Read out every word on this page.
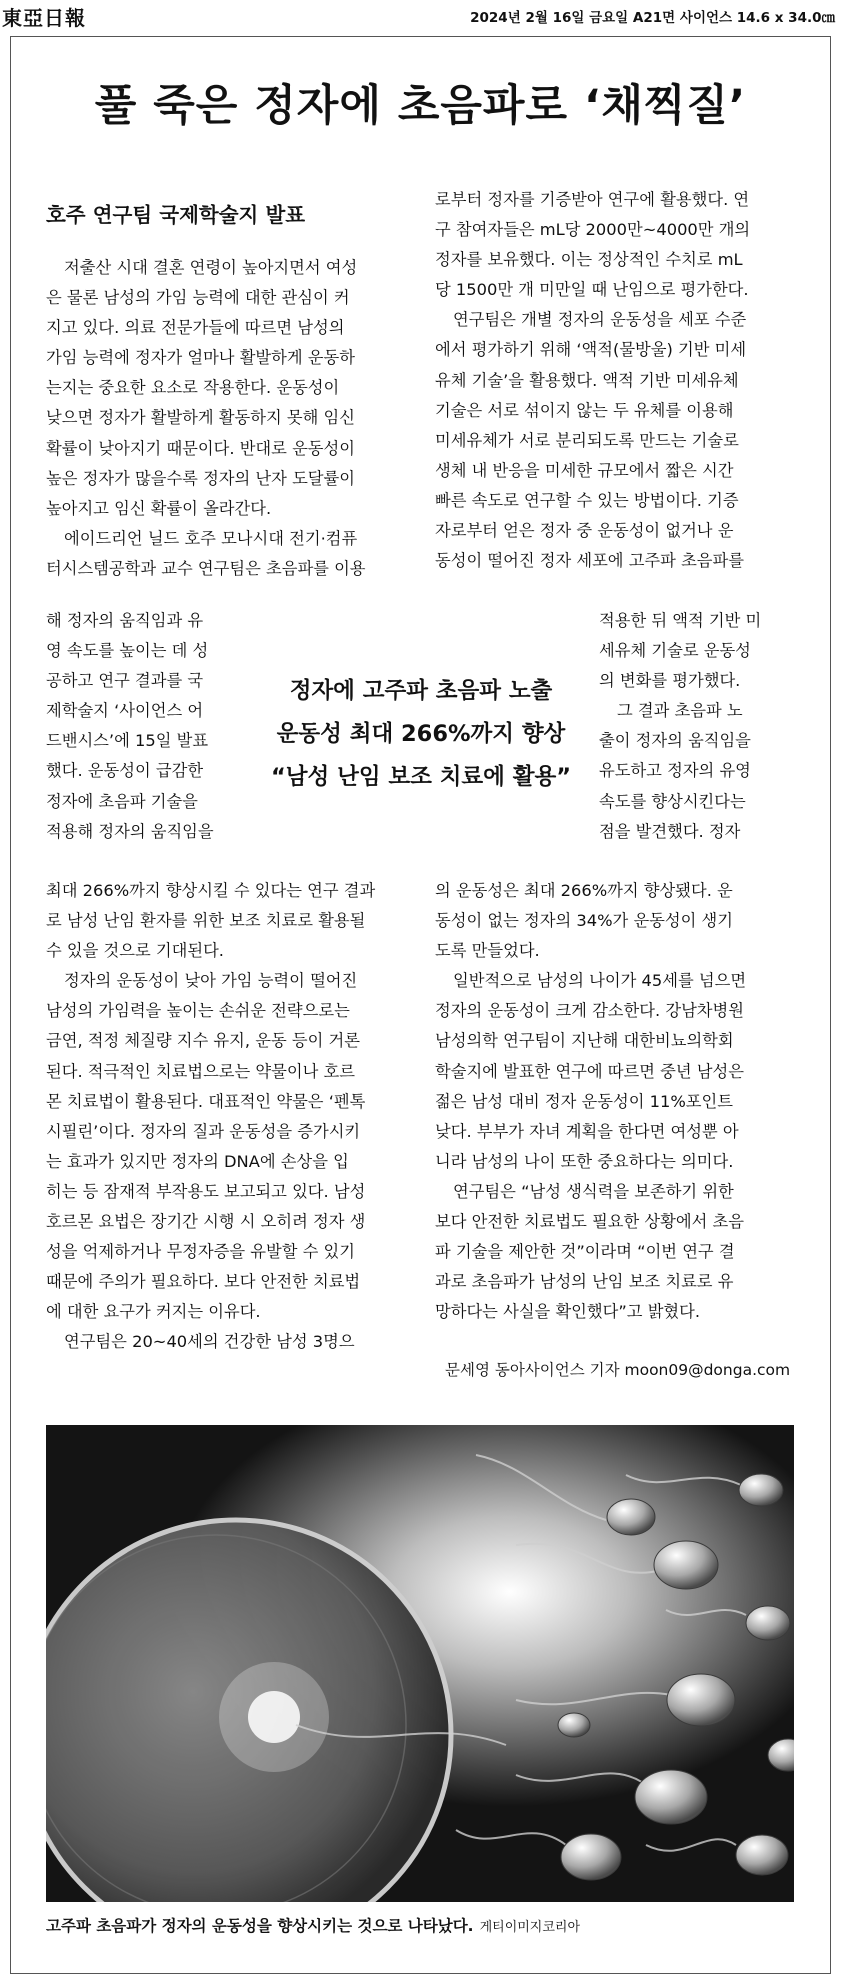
東亞日報	2024년 2월 16일 금요일 A21면 사이언스 14.6 x 34.0㎝
풀 죽은 정자에 초음파로 ‘채찍질’
호주 연구팀 국제학술지 발표
저출산 시대 결혼 연령이 높아지면서 여성
은 물론 남성의 가임 능력에 대한 관심이 커
지고 있다. 의료 전문가들에 따르면 남성의
가임 능력에 정자가 얼마나 활발하게 운동하
는지는 중요한 요소로 작용한다. 운동성이
낮으면 정자가 활발하게 활동하지 못해 임신
확률이 낮아지기 때문이다. 반대로 운동성이
높은 정자가 많을수록 정자의 난자 도달률이
높아지고 임신 확률이 올라간다.
에이드리언 닐드 호주 모나시대 전기·컴퓨
터시스템공학과 교수 연구팀은 초음파를 이용
해 정자의 움직임과 유
영 속도를 높이는 데 성
공하고 연구 결과를 국
제학술지 ‘사이언스 어
드밴시스’에 15일 발표
했다. 운동성이 급감한
정자에 초음파 기술을
적용해 정자의 움직임을
최대 266%까지 향상시킬 수 있다는 연구 결과
로 남성 난임 환자를 위한 보조 치료로 활용될
수 있을 것으로 기대된다.
정자의 운동성이 낮아 가임 능력이 떨어진
남성의 가임력을 높이는 손쉬운 전략으로는
금연, 적정 체질량 지수 유지, 운동 등이 거론
된다. 적극적인 치료법으로는 약물이나 호르
몬 치료법이 활용된다. 대표적인 약물은 ‘펜톡
시필린’이다. 정자의 질과 운동성을 증가시키
는 효과가 있지만 정자의 DNA에 손상을 입
히는 등 잠재적 부작용도 보고되고 있다. 남성
호르몬 요법은 장기간 시행 시 오히려 정자 생
성을 억제하거나 무정자증을 유발할 수 있기
때문에 주의가 필요하다. 보다 안전한 치료법
에 대한 요구가 커지는 이유다.
연구팀은 20~40세의 건강한 남성 3명으
로부터 정자를 기증받아 연구에 활용했다. 연
구 참여자들은 mL당 2000만~4000만 개의
정자를 보유했다. 이는 정상적인 수치로 mL
당 1500만 개 미만일 때 난임으로 평가한다.
연구팀은 개별 정자의 운동성을 세포 수준
에서 평가하기 위해 ‘액적(물방울) 기반 미세
유체 기술’을 활용했다. 액적 기반 미세유체
기술은 서로 섞이지 않는 두 유체를 이용해
미세유체가 서로 분리되도록 만드는 기술로
생체 내 반응을 미세한 규모에서 짧은 시간
빠른 속도로 연구할 수 있는 방법이다. 기증
자로부터 얻은 정자 중 운동성이 없거나 운
동성이 떨어진 정자 세포에 고주파 초음파를
적용한 뒤 액적 기반 미
세유체 기술로 운동성
의 변화를 평가했다.
그 결과 초음파 노
출이 정자의 움직임을
유도하고 정자의 유영
속도를 향상시킨다는
점을 발견했다. 정자
의 운동성은 최대 266%까지 향상됐다. 운
동성이 없는 정자의 34%가 운동성이 생기
도록 만들었다.
일반적으로 남성의 나이가 45세를 넘으면
정자의 운동성이 크게 감소한다. 강남차병원
남성의학 연구팀이 지난해 대한비뇨의학회
학술지에 발표한 연구에 따르면 중년 남성은
젊은 남성 대비 정자 운동성이 11%포인트
낮다. 부부가 자녀 계획을 한다면 여성뿐 아
니라 남성의 나이 또한 중요하다는 의미다.
연구팀은 “남성 생식력을 보존하기 위한
보다 안전한 치료법도 필요한 상황에서 초음
파 기술을 제안한 것”이라며 “이번 연구 결
과로 초음파가 남성의 난임 보조 치료로 유
망하다는 사실을 확인했다”고 밝혔다.
정자에 고주파 초음파 노출
운동성 최대 266%까지 향상
“남성 난임 보조 치료에 활용”
문세영 동아사이언스 기자 moon09@donga.com
고주파 초음파가 정자의 운동성을 향상시키는 것으로 나타났다. 게티이미지코리아
